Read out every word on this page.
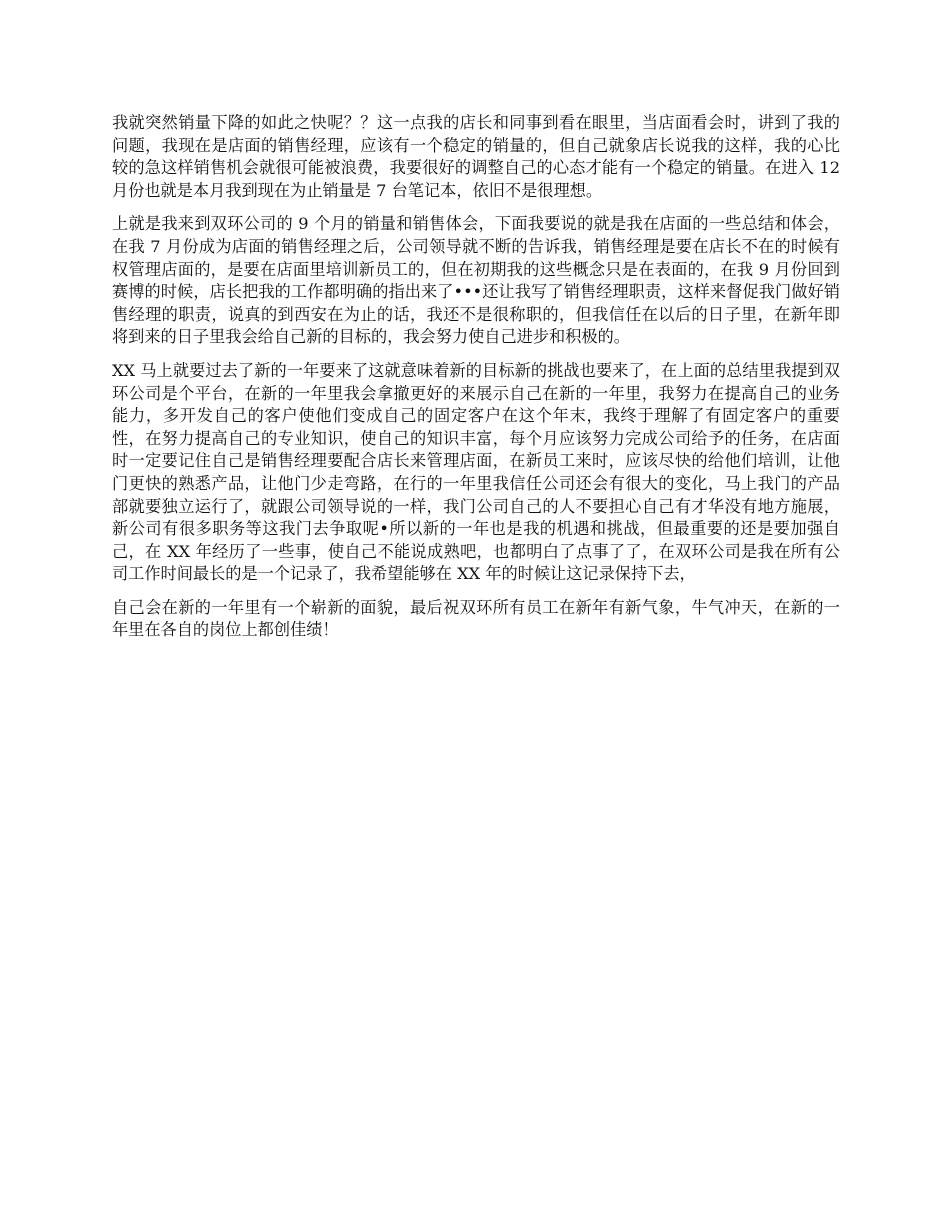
我就突然销量下降的如此之快呢？？这一点我的店长和同事到看在眼里，当店面看会时，讲到了我的问题，我现在是店面的销售经理，应该有一个稳定的销量的，但自己就象店长说我的这样，我的心比较的急这样销售机会就很可能被浪费，我要很好的调整自己的心态才能有一个稳定的销量。在进入 12 月份也就是本月我到现在为止销量是 7 台笔记本，依旧不是很理想。

上就是我来到双环公司的 9 个月的销量和销售体会，下面我要说的就是我在店面的一些总结和体会，在我 7 月份成为店面的销售经理之后，公司领导就不断的告诉我，销售经理是要在店长不在的时候有权管理店面的，是要在店面里培训新员工的，但在初期我的这些概念只是在表面的，在我 9 月份回到赛博的时候，店长把我的工作都明确的指出来了•••还让我写了销售经理职责，这样来督促我门做好销售经理的职责，说真的到西安在为止的话，我还不是很称职的，但我信任在以后的日子里，在新年即将到来的日子里我会给自己新的目标的，我会努力使自己进步和积极的。

XX 马上就要过去了新的一年要来了这就意味着新的目标新的挑战也要来了，在上面的总结里我提到双环公司是个平台，在新的一年里我会拿撤更好的来展示自己在新的一年里，我努力在提高自己的业务能力，多开发自己的客户使他们变成自己的固定客户在这个年末，我终于理解了有固定客户的重要性，在努力提高自己的专业知识，使自己的知识丰富，每个月应该努力完成公司给予的任务，在店面时一定要记住自己是销售经理要配合店长来管理店面，在新员工来时，应该尽快的给他们培训，让他门更快的熟悉产品，让他门少走弯路，在行的一年里我信任公司还会有很大的变化，马上我门的产品部就要独立运行了，就跟公司领导说的一样，我门公司自己的人不要担心自己有才华没有地方施展，新公司有很多职务等这我门去争取呢•所以新的一年也是我的机遇和挑战，但最重要的还是要加强自己，在 XX 年经历了一些事，使自己不能说成熟吧，也都明白了点事了了，在双环公司是我在所有公司工作时间最长的是一个记录了，我希望能够在 XX 年的时候让这记录保持下去，

自己会在新的一年里有一个崭新的面貌，最后祝双环所有员工在新年有新气象，牛气冲天，在新的一年里在各自的岗位上都创佳绩！
